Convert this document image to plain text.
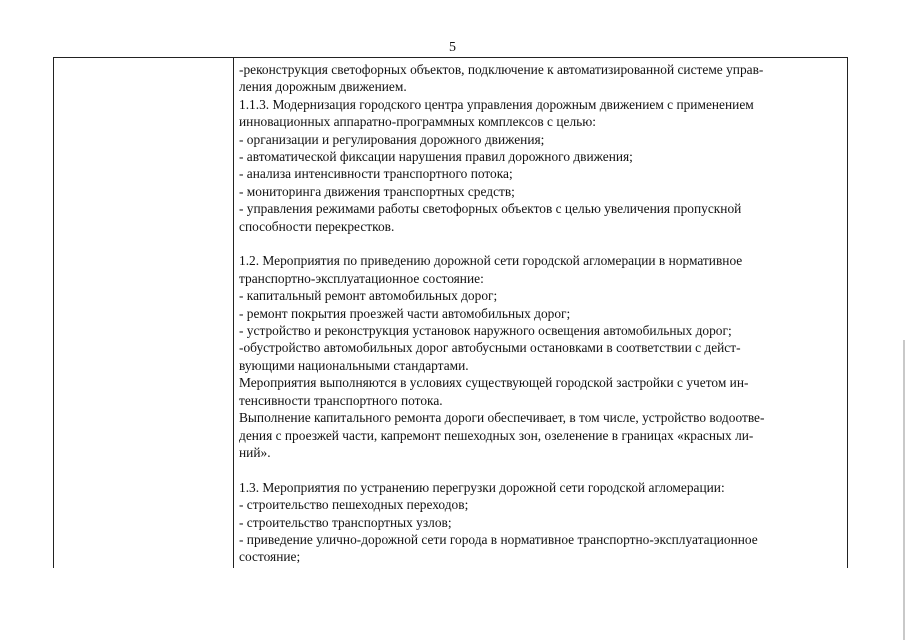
5

-реконструкция светофорных объектов, подключение к автоматизированной системе управ-
ления дорожным движением.
1.1.3. Модернизация городского центра управления дорожным движением с применением
инновационных аппаратно-программных комплексов с целью:
- организации и регулирования дорожного движения;
- автоматической фиксации нарушения правил дорожного движения;
- анализа интенсивности транспортного потока;
- мониторинга движения транспортных средств;
- управления режимами работы светофорных объектов с целью увеличения пропускной
способности перекрестков.
1.2. Мероприятия по приведению дорожной сети городской агломерации в нормативное
транспортно-эксплуатационное состояние:
- капитальный ремонт автомобильных дорог;
- ремонт покрытия проезжей части автомобильных дорог;
- устройство и реконструкция установок наружного освещения автомобильных дорог;
-обустройство автомобильных дорог автобусными остановками в соответствии с дейст-
вующими национальными стандартами.
Мероприятия выполняются в условиях существующей городской застройки с учетом ин-
тенсивности транспортного потока.
Выполнение капитального ремонта дороги обеспечивает, в том числе, устройство водоотве-
дения с проезжей части, капремонт пешеходных зон, озеленение в границах «красных ли-
ний».
1.3. Мероприятия по устранению перегрузки дорожной сети городской агломерации:
- строительство пешеходных переходов;
- строительство транспортных узлов;
- приведение улично-дорожной сети города в нормативное транспортно-эксплуатационное
состояние;
